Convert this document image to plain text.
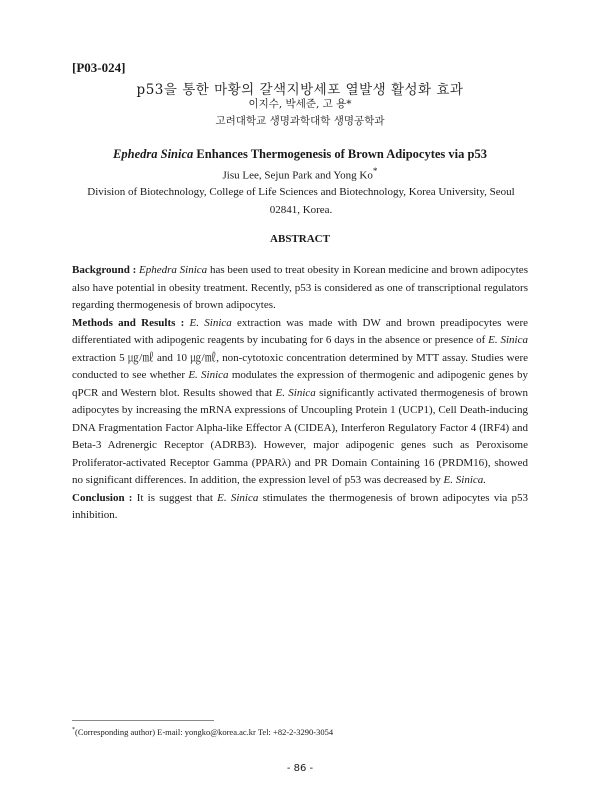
[P03-024]
p53을 통한 마황의 갈색지방세포 열발생 활성화 효과
이지수, 박세준, 고 용*
고려대학교 생명과학대학 생명공학과
Ephedra Sinica Enhances Thermogenesis of Brown Adipocytes via p53
Jisu Lee, Sejun Park and Yong Ko*
Division of Biotechnology, College of Life Sciences and Biotechnology, Korea University, Seoul 02841, Korea.
ABSTRACT

Background : Ephedra Sinica has been used to treat obesity in Korean medicine and brown adipocytes also have potential in obesity treatment. Recently, p53 is considered as one of transcriptional regulators regarding thermogenesis of brown adipocytes.

Methods and Results : E. Sinica extraction was made with DW and brown preadipocytes were differentiated with adipogenic reagents by incubating for 6 days in the absence or presence of E. Sinica extraction 5 ㎍/㎖ and 10 ㎍/㎖, non-cytotoxic concentration determined by MTT assay. Studies were conducted to see whether E. Sinica modulates the expression of thermogenic and adipogenic genes by qPCR and Western blot. Results showed that E. Sinica significantly activated thermogenesis of brown adipocytes by increasing the mRNA expressions of Uncoupling Protein 1 (UCP1), Cell Death-inducing DNA Fragmentation Factor Alpha-like Effector A (CIDEA), Interferon Regulatory Factor 4 (IRF4) and Beta-3 Adrenergic Receptor (ADRB3). However, major adipogenic genes such as Peroxisome Proliferator-activated Receptor Gamma (PPARλ) and PR Domain Containing 16 (PRDM16), showed no significant differences. In addition, the expression level of p53 was decreased by E. Sinica.

Conclusion : It is suggest that E. Sinica stimulates the thermogenesis of brown adipocytes via p53 inhibition.

*(Corresponding author) E-mail: yongko@korea.ac.kr Tel: +82-2-3290-3054
- 86 -
